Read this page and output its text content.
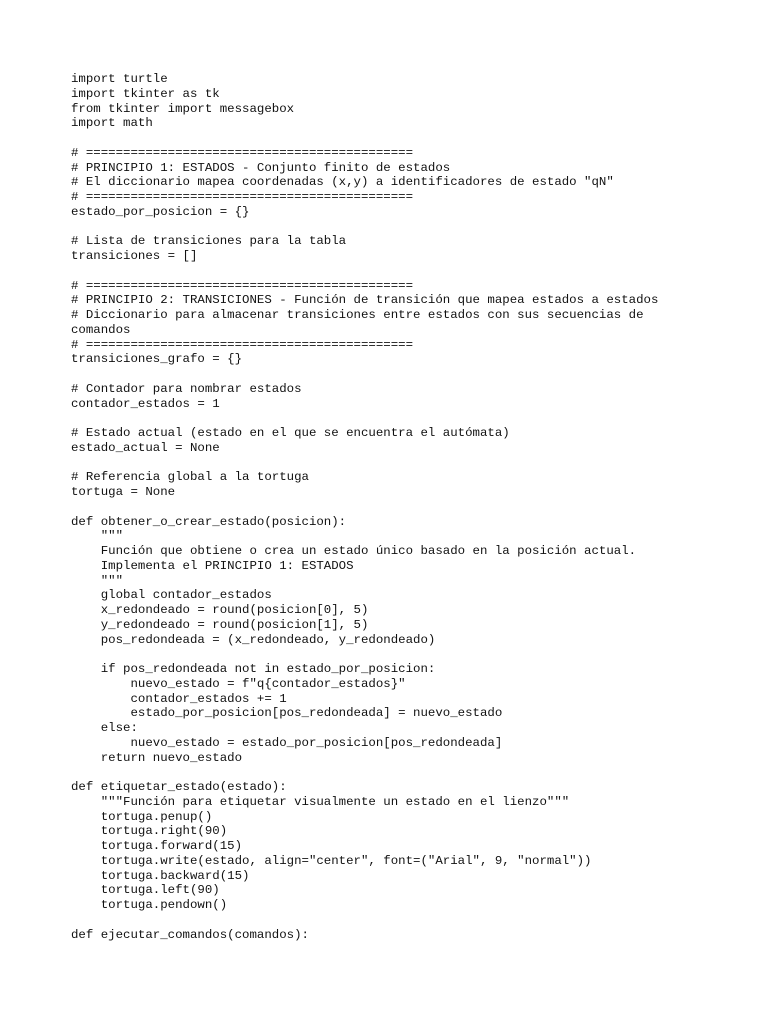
import turtle
import tkinter as tk
from tkinter import messagebox
import math
# ============================================
# PRINCIPIO 1: ESTADOS - Conjunto finito de estados
# El diccionario mapea coordenadas (x,y) a identificadores de estado "qN"
# ============================================
estado_por_posicion = {}
# Lista de transiciones para la tabla
transiciones = []
# ============================================
# PRINCIPIO 2: TRANSICIONES - Función de transición que mapea estados a estados
# Diccionario para almacenar transiciones entre estados con sus secuencias de
comandos
# ============================================
transiciones_grafo = {}
# Contador para nombrar estados
contador_estados = 1
# Estado actual (estado en el que se encuentra el autómata)
estado_actual = None
# Referencia global a la tortuga
tortuga = None
def obtener_o_crear_estado(posicion):
"""
Función que obtiene o crea un estado único basado en la posición actual.
Implementa el PRINCIPIO 1: ESTADOS
"""
global contador_estados
x_redondeado = round(posicion[0], 5)
y_redondeado = round(posicion[1], 5)
pos_redondeada = (x_redondeado, y_redondeado)
if pos_redondeada not in estado_por_posicion:
nuevo_estado = f"q{contador_estados}"
contador_estados += 1
estado_por_posicion[pos_redondeada] = nuevo_estado
else:
nuevo_estado = estado_por_posicion[pos_redondeada]
return nuevo_estado
def etiquetar_estado(estado):
"""Función para etiquetar visualmente un estado en el lienzo"""
tortuga.penup()
tortuga.right(90)
tortuga.forward(15)
tortuga.write(estado, align="center", font=("Arial", 9, "normal"))
tortuga.backward(15)
tortuga.left(90)
tortuga.pendown()
def ejecutar_comandos(comandos):
